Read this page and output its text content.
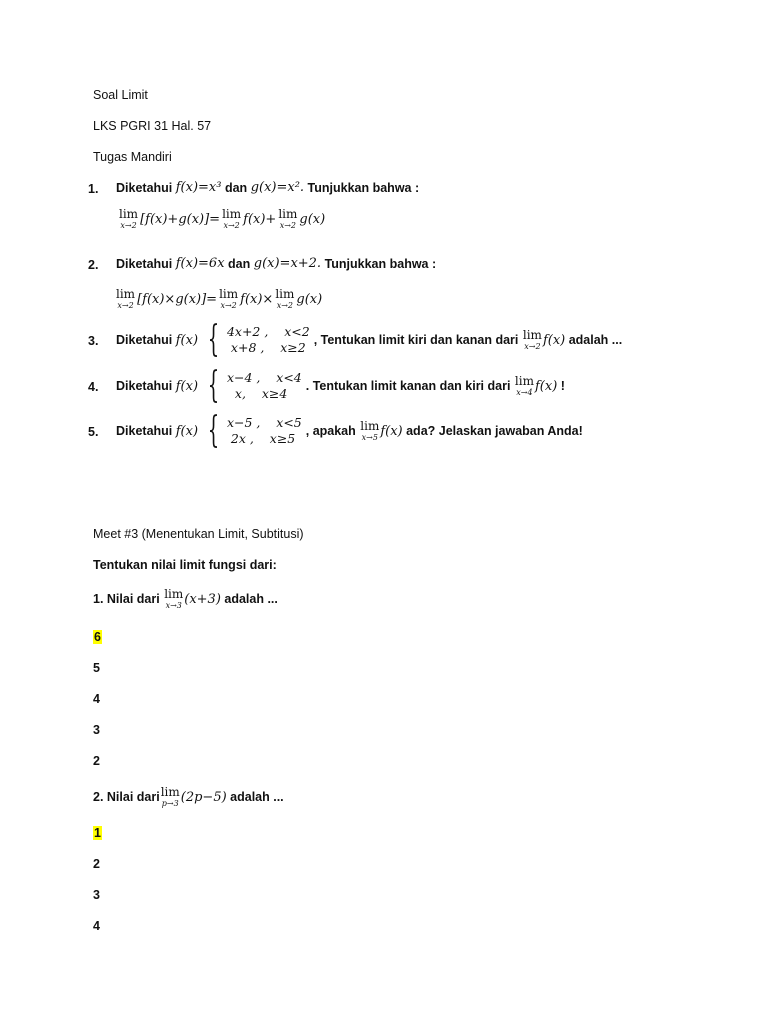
Soal Limit
LKS PGRI 31 Hal. 57
Tugas Mandiri
1. Diketahui
f(x)=x³
dan
g(x)=x².
Tunjukkan bahwa :
lim
x→2 [f(x)+g(x)]= lim
x→2 f(x)+ lim
x→2 g(x)
2. Diketahui
f(x)=6x
dan
g(x)=x+2.
Tunjukkan bahwa :
lim
x→2 [f(x)×g(x)]= lim
x→2 f(x)× lim
x→2 g(x)
3. Diketahui
f(x) { 4x+2 ,    x<2
x+8 ,    x≥2 , Tentukan limit kiri dan kanan dari
lim
x→2 f(x)
adalah ...
4. Diketahui
f(x) { x−4 ,    x<4
x,    x≥4	. Tentukan limit kanan dan kiri dari
lim
x→4 f(x)
!
5. Diketahui
f(x) { x−5 ,    x<5
2x ,    x≥5 , apakah
lim
x→5 f(x)
ada? Jelaskan jawaban Anda!
Meet #3 (Menentukan Limit, Subtitusi)
Tentukan nilai limit fungsi dari:
1. Nilai dari
lim
x→3 (x+3)
adalah ...
6
5
4
3
2
2. Nilai dari lim
p→3 (2p−5)
adalah ...
1
2
3
4
